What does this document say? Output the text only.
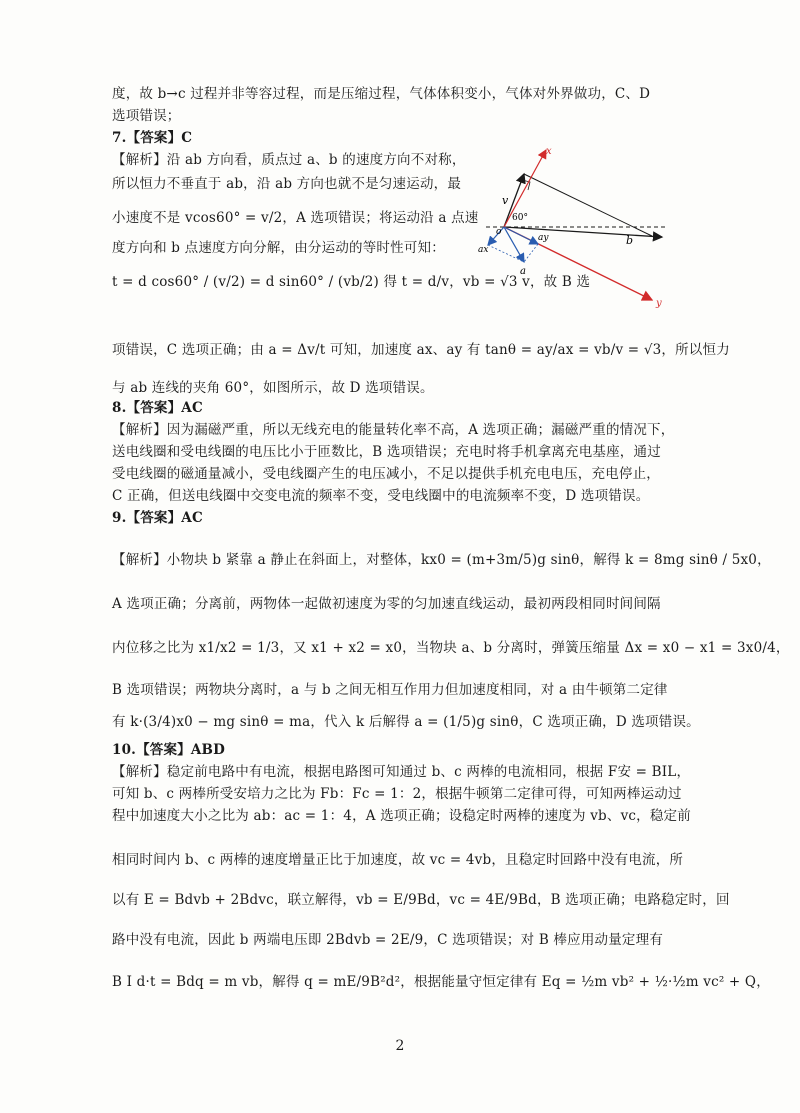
度，故 b→c 过程并非等容过程，而是压缩过程，气体体积变小，气体对外界做功，C、D
选项错误；
7.【答案】C
【解析】沿 ab 方向看，质点过 a、b 的速度方向不对称，
所以恒力不垂直于 ab，沿 ab 方向也就不是匀速运动，最
小速度不是 vcos60° = v/2，A 选项错误；将运动沿 a 点速
度方向和 b 点速度方向分解，由分运动的等时性可知：
t = d cos60° / (v/2) = d sin60° / (vb/2) 得 t = d/v，vb = √3 v，故 B 选
项错误，C 选项正确；由 a = Δv/t 可知，加速度 ax、ay 有 tanθ = ay/ax = vb/v = √3，所以恒力
与 ab 连线的夹角 60°，如图所示，故 D 选项错误。
8.【答案】AC
【解析】因为漏磁严重，所以无线充电的能量转化率不高，A 选项正确；漏磁严重的情况下，
送电线圈和受电线圈的电压比小于匝数比，B 选项错误；充电时将手机拿离充电基座，通过
受电线圈的磁通量减小，受电线圈产生的电压减小，不足以提供手机充电电压，充电停止，
C 正确，但送电线圈中交变电流的频率不变，受电线圈中的电流频率不变，D 选项错误。
9.【答案】AC
【解析】小物块 b 紧靠 a 静止在斜面上，对整体，kx0 = (m+3m/5)g sinθ，解得 k = 8mg sinθ / 5x0，
A 选项正确；分离前，两物体一起做初速度为零的匀加速直线运动，最初两段相同时间间隔
内位移之比为 x1/x2 = 1/3，又 x1 + x2 = x0，当物块 a、b 分离时，弹簧压缩量 Δx = x0 − x1 = 3x0/4，
B 选项错误；两物块分离时，a 与 b 之间无相互作用力但加速度相同，对 a 由牛顿第二定律
有 k·(3/4)x0 − mg sinθ = ma，代入 k 后解得 a = (1/5)g sinθ，C 选项正确，D 选项错误。
10.【答案】ABD
【解析】稳定前电路中有电流，根据电路图可知通过 b、c 两棒的电流相同，根据 F安 = BIL，
可知 b、c 两棒所受安培力之比为 Fb：Fc = 1：2，根据牛顿第二定律可得，可知两棒运动过
程中加速度大小之比为 ab：ac = 1：4，A 选项正确；设稳定时两棒的速度为 vb、vc，稳定前
相同时间内 b、c 两棒的速度增量正比于加速度，故 vc = 4vb，且稳定时回路中没有电流，所
以有 E = Bdvb + 2Bdvc，联立解得，vb = E/9Bd，vc = 4E/9Bd，B 选项正确；电路稳定时，回
路中没有电流，因此 b 两端电压即 2Bdvb = 2E/9，C 选项错误；对 B 棒应用动量定理有
B I d·t = Bdq = m vb，解得 q = mE/9B²d²，根据能量守恒定律有 Eq = ½m vb² + ½·½m vc² + Q，
x
y
v
60°
b
a
o
ay
ax
2
